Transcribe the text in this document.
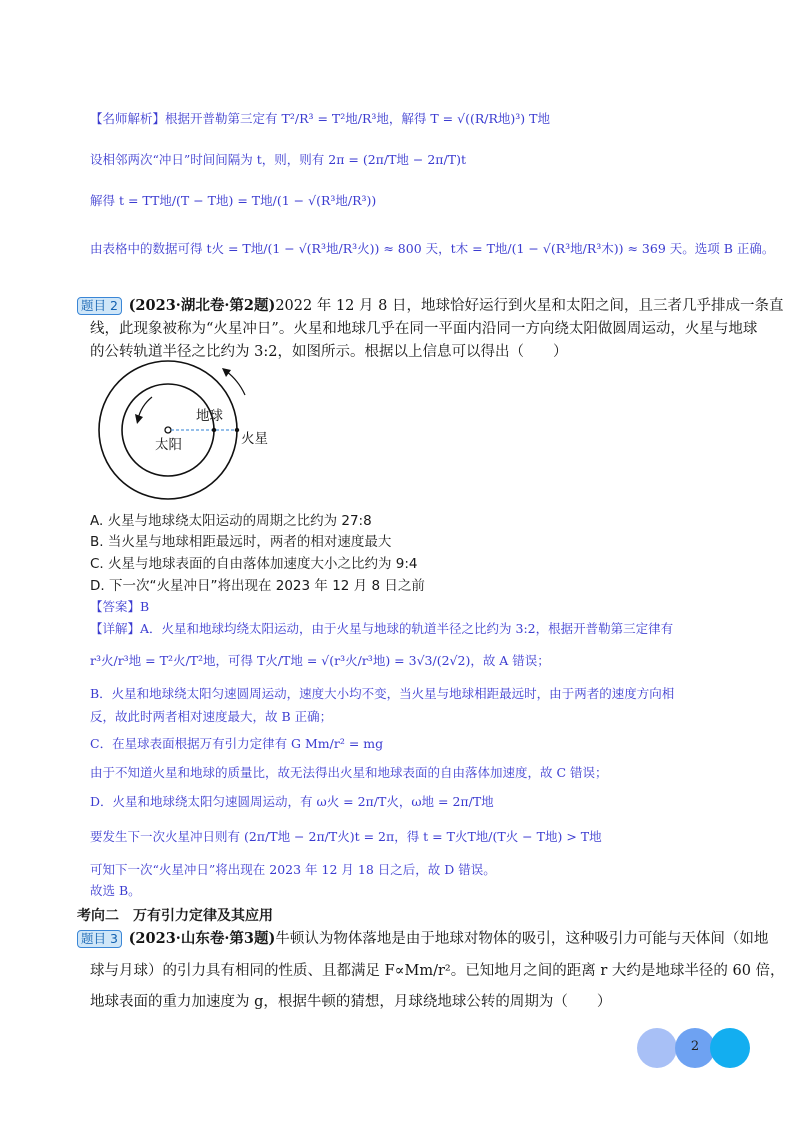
【名师解析】根据开普勒第三定有 T²/R³ = T²地/R³地，解得 T = √((R/R地)³) T地
设相邻两次“冲日”时间间隔为 t，则，则有 2π = (2π/T地 − 2π/T)t
解得 t = TT地/(T − T地) = T地/(1 − √(R³地/R³))
由表格中的数据可得 t火 = T地/(1 − √(R³地/R³火)) ≈ 800 天，t木 = T地/(1 − √(R³地/R³木)) ≈ 369 天。选项 B 正确。
题目 2 (2023·湖北卷·第2题)2022 年 12 月 8 日，地球恰好运行到火星和太阳之间，且三者几乎排成一条直
线，此现象被称为“火星冲日”。火星和地球几乎在同一平面内沿同一方向绕太阳做圆周运动，火星与地球
的公转轨道半径之比约为 3:2，如图所示。根据以上信息可以得出（　　）
地球
太阳	火星
A. 火星与地球绕太阳运动的周期之比约为 27:8
B. 当火星与地球相距最远时，两者的相对速度最大
C. 火星与地球表面的自由落体加速度大小之比约为 9:4
D. 下一次“火星冲日”将出现在 2023 年 12 月 8 日之前
【答案】B
【详解】A．火星和地球均绕太阳运动，由于火星与地球的轨道半径之比约为 3:2，根据开普勒第三定律有
r³火/r³地 = T²火/T²地，可得 T火/T地 = √(r³火/r³地) = 3√3/(2√2)，故 A 错误；
B．火星和地球绕太阳匀速圆周运动，速度大小均不变，当火星与地球相距最远时，由于两者的速度方向相
反，故此时两者相对速度最大，故 B 正确；
C．在星球表面根据万有引力定律有 G Mm/r² = mg
由于不知道火星和地球的质量比，故无法得出火星和地球表面的自由落体加速度，故 C 错误；
D．火星和地球绕太阳匀速圆周运动，有 ω火 = 2π/T火，ω地 = 2π/T地
要发生下一次火星冲日则有 (2π/T地 − 2π/T火)t = 2π，得 t = T火T地/(T火 − T地) > T地
可知下一次“火星冲日”将出现在 2023 年 12 月 18 日之后，故 D 错误。
故选 B。
考向二　万有引力定律及其应用
题目 3 (2023·山东卷·第3题)牛顿认为物体落地是由于地球对物体的吸引，这种吸引力可能与天体间（如地
球与月球）的引力具有相同的性质、且都满足 F∝Mm/r²。已知地月之间的距离 r 大约是地球半径的 60 倍，
地球表面的重力加速度为 g，根据牛顿的猜想，月球绕地球公转的周期为（　　）
2
